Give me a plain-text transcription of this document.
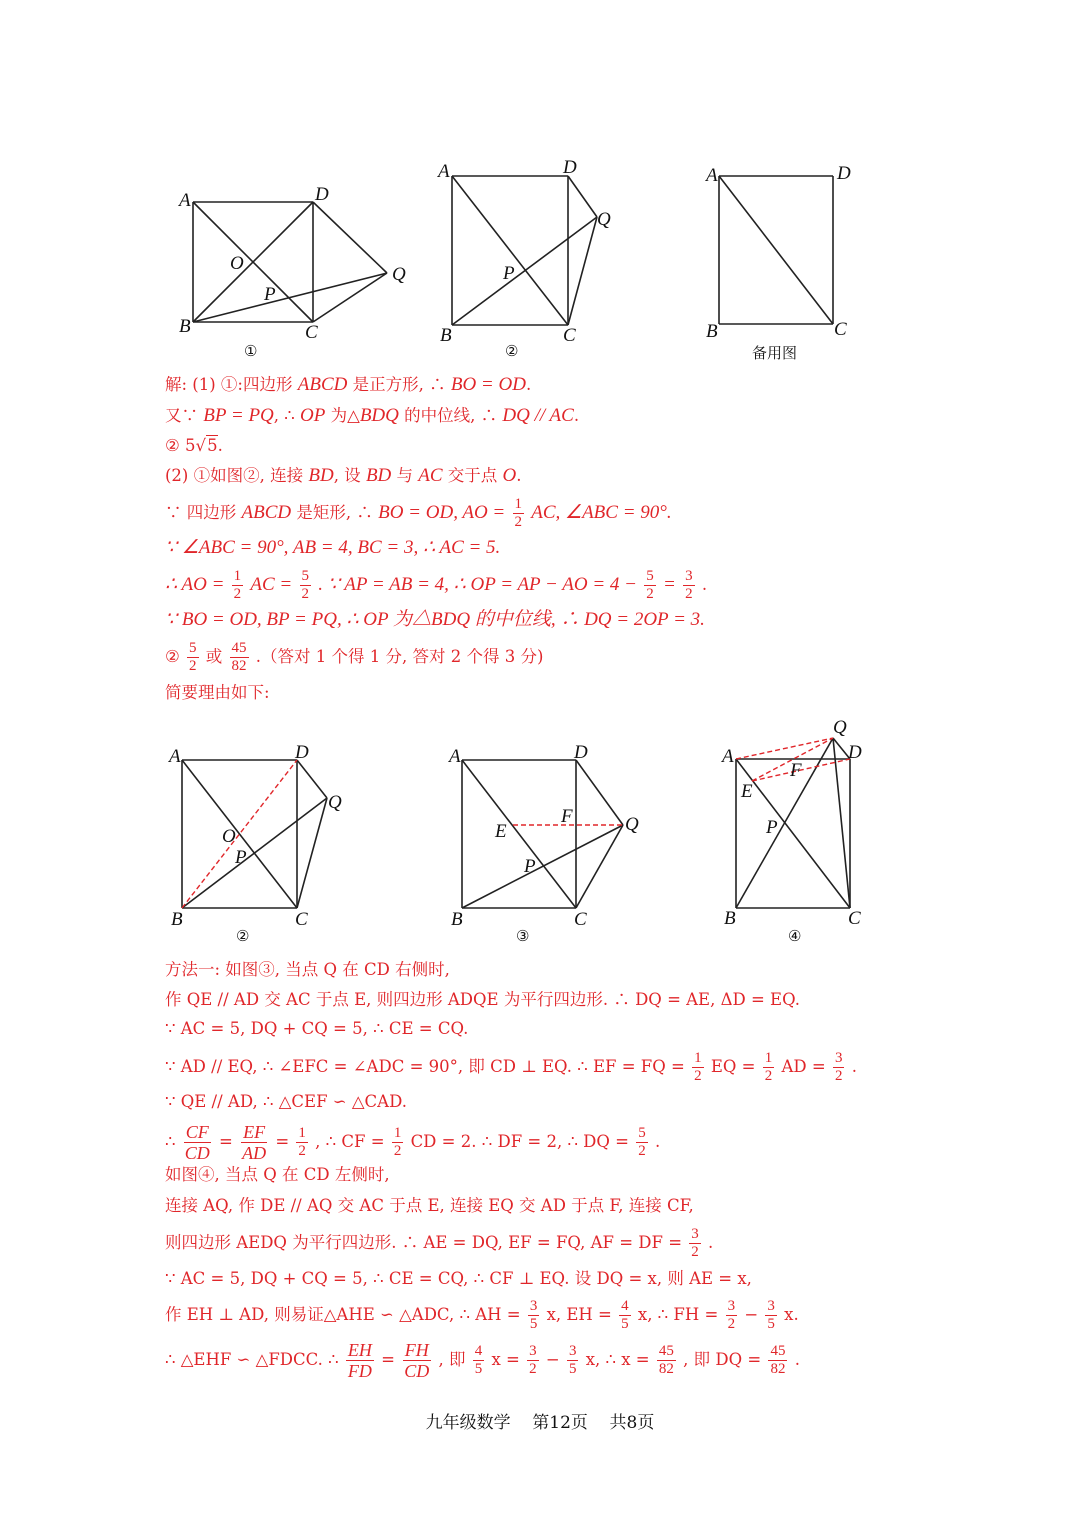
A	D
O
P
Q
B	C
①
A	D
Q
P
B	C
②
A	D
B	C
备用图
解: (1) ①:四边形 ABCD 是正方形, ∴ BO = OD.
又∵ BP = PQ, ∴ OP 为△BDQ 的中位线, ∴ DQ // AC.
② 5√5.
(2) ①如图②, 连接 BD, 设 BD 与 AC 交于点 O.
∵ 四边形 ABCD 是矩形, ∴ BO = OD, AO = $\frac{1}{2}$ AC, ∠ABC = 90°.
∵ ∠ABC = 90°, AB = 4, BC = 3, ∴ AC = 5.
∴ AO = $\frac{1}{2}$ AC = $\frac{5}{2}$ . ∵ AP = AB = 4, ∴ OP = AP − AO = $4 - \frac{5}{2} = \frac{3}{2}$ .
∵ BO = OD, BP = PQ, ∴ OP 为△BDQ 的中位线, ∴ DQ = 2OP = 3.
② $\frac{5}{2}$ 或 $\frac{45}{82}$ .（答对 1 个得 1 分, 答对 2 个得 3 分)
简要理由如下:
A	D
O
P
Q
B	C
②
A	D
E
F	Q
P
B	C
③
Q
D
A
F
E
P
B	C
④
方法一: 如图③, 当点 Q 在 CD 右侧时,
作 QE // AD 交 AC 于点 E, 则四边形 ADQE 为平行四边形. ∴ DQ = AE, ΔD = EQ.
∵ AC = 5, DQ + CQ = 5, ∴ CE = CQ.
∵ AD // EQ, ∴ ∠EFC = ∠ADC = 90°, 即 CD ⊥ EQ. ∴ EF = FQ = $\frac{1}{2}$ EQ = $\frac{1}{2}$ AD = $\frac{3}{2}$ .
∵ QE // AD, ∴ △CEF ∽ △CAD.
∴ $\frac{CF}{CD} = \frac{EF}{AD} = \frac{1}{2}$ , ∴ CF = $\frac{1}{2}$ CD = 2. ∴ DF = 2, ∴ DQ = $\frac{5}{2}$ .
如图④, 当点 Q 在 CD 左侧时,
连接 AQ, 作 DE // AQ 交 AC 于点 E, 连接 EQ 交 AD 于点 F, 连接 CF,
则四边形 AEDQ 为平行四边形. ∴ AE = DQ, EF = FQ, AF = DF = $\frac{3}{2}$ .
∵ AC = 5, DQ + CQ = 5, ∴ CE = CQ, ∴ CF ⊥ EQ. 设 DQ = x, 则 AE = x,
作 EH ⊥ AD, 则易证△AHE ∽ △ADC, ∴ AH = $\frac{3}{5} x$, EH = $\frac{4}{5} x$, ∴ FH = $\frac{3}{2} - \frac{3}{5} x$.
∴ △EHF ∽ △FDCC. ∴ $\frac{EH}{FD} = \frac{FH}{CD}$ , 即 $\frac{4}{5}$ $x = \frac{3}{2} - \frac{3}{5} x$, ∴ $x = \frac{45}{82}$ , 即 DQ = $\frac{45}{82}$ .
九年级数学 第12页 共8页
